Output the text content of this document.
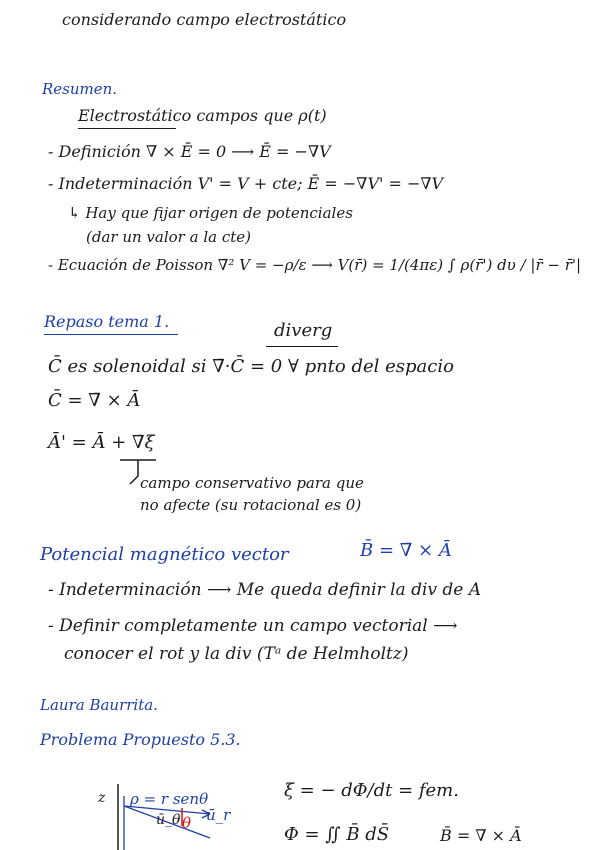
considerando campo electrostático
Resumen.
Electrostático campos que ρ(t)
- Definición ∇̄ × Ē = 0 ⟶ Ē = −∇̄V
- Indeterminación V' = V + cte; Ē = −∇̄V' = −∇̄V
↳ Hay que fijar origen de potenciales
(dar un valor a la cte)
- Ecuación de Poisson ∇̄² V = −ρ/ε ⟶ V(r̄) = 1/(4πε) ∫ ρ(r̄') dυ / |r̄ − r̄'|
Repaso tema 1.	diverg
C̄ es solenoidal si ∇̄·C̄ = 0 ∀ pnto del espacio
C̄ = ∇̄ × Ā
Ā' = Ā + ∇̄ξ
campo conservativo para que
no afecte (su rotacional es 0)
Potencial magnético vector	B̄ = ∇̄ × Ā
- Indeterminación ⟶ Me queda definir la div de A
- Definir completamente un campo vectorial ⟶
conocer el rot y la div (Tᵃ de Helmholtz)
Laura Baurrita.
Problema Propuesto 5.3.
z ρ = r senθ
ū_θ θ ū_r
ξ = − dΦ/dt = fem.
Φ = ∬ B̄ dS̄	B̄ = ∇̄ × Ā
